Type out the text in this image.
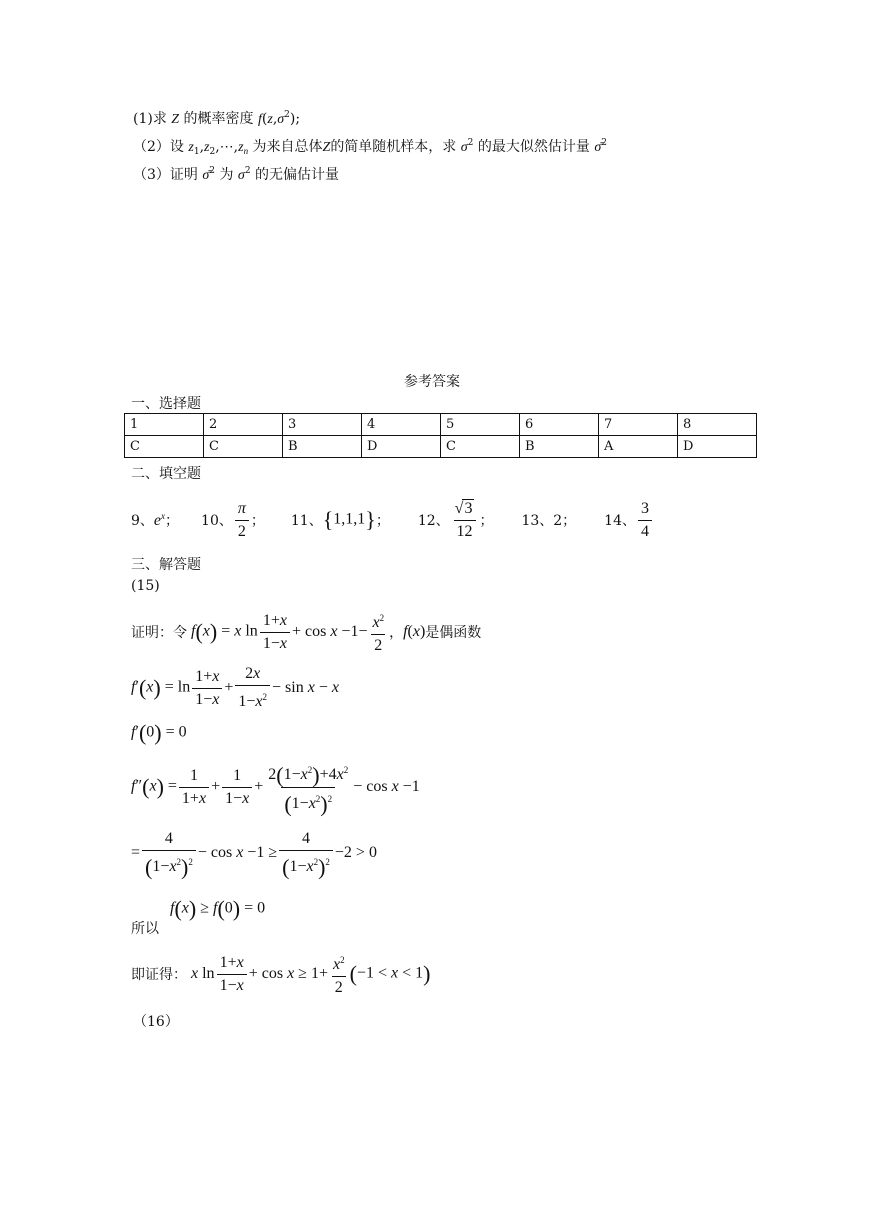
(1)求 Z 的概率密度 $f(z,\sigma^2)$;
（2）设 $z_1,z_2,\cdots,z_n$ 为来自总体Z的简单随机样本，求 $\sigma^2$ 的最大似然估计量 σ̄$^2$
（3）证明 σ̄$^2$ 为 $\sigma^2$ 的无偏估计量
参考答案
一、选择题
1	2	3	4	5	6	7	8
C	C	B	D	C	B	A	D
二、填空题
9、 $e^x$ ； 10、 $\frac{\pi}{2}$ ； 11、 {1,1,1} ； 12、 $\frac{√3}{12}$ ； 13、2； 14、 $\frac{3}{4}$
三、解答题
(15)
证明：令 f(x) = x $\ln \frac{1+x}{1-x} + \cos x -1- \frac{x^2}{2}$ ， f(x) 是偶函数
$f'(x) = \ln \frac{1+x}{1-x} + \frac{2x}{1-x^2} - \sin x - x$
f′(0) = 0
$f''(x) = \frac{1}{1+x} + \frac{1}{1-x} + \frac{2(1-x^2)+4x^2}{(1-x^2)^2} - \cos x -1$
= $\frac{4}{(1-x^2)^2} - \cos x -1 \ge \frac{4}{(1-x^2)^2} -2 > 0$
f(x) ≥ f(0) = 0
所以
即证得： x $\ln \frac{1+x}{1-x} + \cos x \ge 1+ \frac{x^2}{2} (-1 < x < 1)$
（16）
